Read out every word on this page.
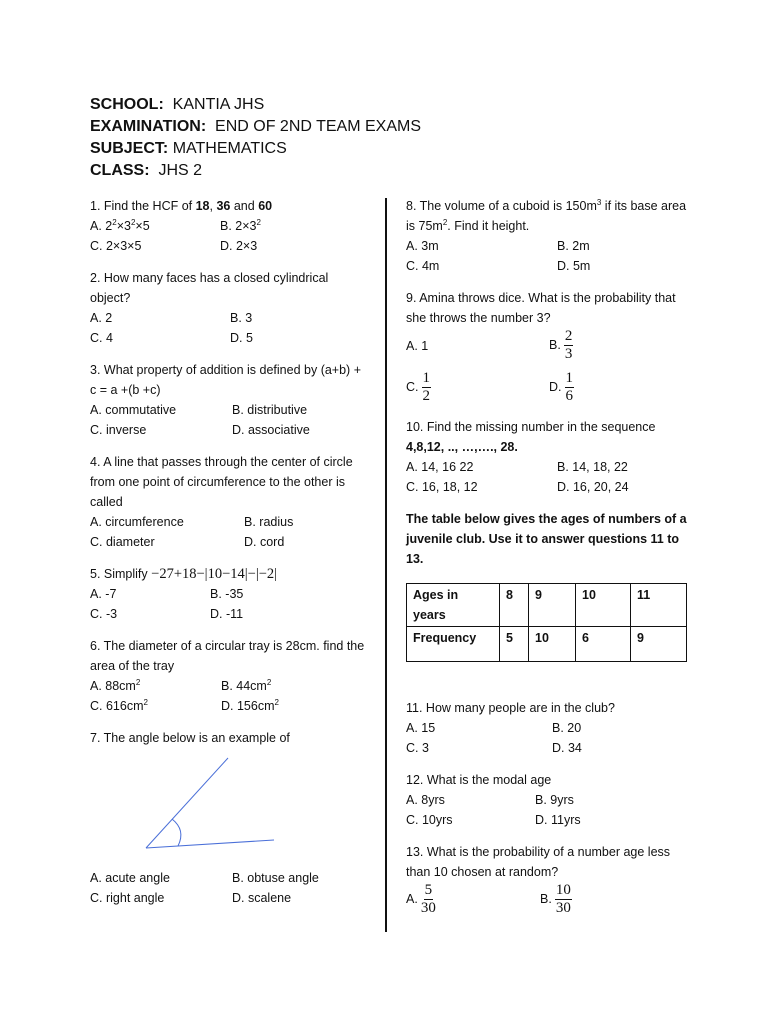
SCHOOL: KANTIA JHS
EXAMINATION: END OF 2ND TEAM EXAMS
SUBJECT: MATHEMATICS
CLASS: JHS 2

1. Find the HCF of 18, 36 and 60

A. $2^2\times 3^2\times 5$	B. $2\times 3^2$
C. 2×3×5	D. 2×3

2. How many faces has a closed cylindrical object?

A. 2	B. 3
C. 4	D. 5

3. What property of addition is defined by (a+b) + c = a +(b +c)

A. commutative	B. distributive
C. inverse	D. associative

4. A line that passes through the center of circle from one point of circumference to the other is called

A. circumference	B. radius
C. diameter	D. cord

5. Simplify −27+18−|10−14|−|−2|

A. -7	B. -35
C. -3	D. -11

6. The diameter of a circular tray is 28cm. find the area of the tray

A. $88cm^2$	B. $44cm^2$
C. $616cm^2$	D. $156cm^2$

7. The angle below is an example of

A. acute angle	B. obtuse angle
C. right angle	D. scalene

8. The volume of a cuboid is $150m^3$ if its base area is $75m^2$. Find it height.

A. 3m	B. 2m
C. 4m	D. 5m

9. Amina throws dice. What is the probability that she throws the number 3?

A. 1	B. $\frac{2}{3}$
C. $\frac{1}{2}$	D. $\frac{1}{6}$

10. Find the missing number in the sequence

4,8,12, .., …,…., 28.

A. 14, 16 22	B. 14, 18, 22
C. 16, 18, 12	D. 16, 20, 24

The table below gives the ages of numbers of a juvenile club. Use it to answer questions 11 to 13.

Ages in years	8	9	10	11
Frequency	5	10	6	9

11. How many people are in the club?

A. 15	B. 20
C. 3	D. 34

12. What is the modal age

A. 8yrs	B. 9yrs
C. 10yrs	D. 11yrs

13. What is the probability of a number age less than 10 chosen at random?

A. $\frac{5}{30}$	B. $\frac{10}{30}$
